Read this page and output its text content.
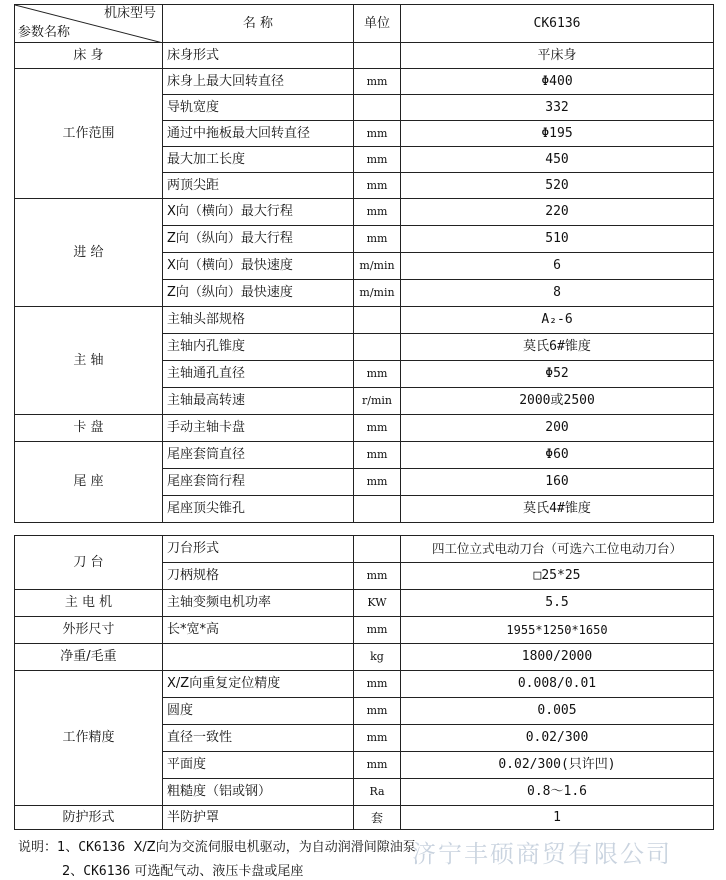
机床型号
参数名称	名 称	单位	CK6136
床 身	床身形式		平床身
工作范围	床身上最大回转直径	mm	Φ400
	导轨宽度		332
	通过中拖板最大回转直径	mm	Φ195
	最大加工长度	mm	450
	两顶尖距	mm	520
进 给	X向（横向）最大行程	mm	220
	Z向（纵向）最大行程	mm	510
	X向（横向）最快速度	m/min	6
	Z向（纵向）最快速度	m/min	8
主 轴	主轴头部规格		A₂-6
	主轴内孔锥度		莫氏6#锥度
	主轴通孔直径	mm	Φ52
	主轴最高转速	r/min	2000或2500
卡 盘	手动主轴卡盘	mm	200
尾 座	尾座套筒直径	mm	Φ60
	尾座套筒行程	mm	160
	尾座顶尖锥孔		莫氏4#锥度
刀 台	刀台形式		四工位立式电动刀台（可选六工位电动刀台）
	刀柄规格	mm	□25*25
主 电 机	主轴变频电机功率	KW	5.5
外形尺寸	长*宽*高	mm	1955*1250*1650
净重/毛重		kg	1800/2000
工作精度	X/Z向重复定位精度	mm	0.008/0.01
	圆度	mm	0.005
	直径一致性	mm	0.02/300
	平面度	mm	0.02/300(只许凹)
	粗糙度（铝或钢）	Ra	0.8～1.6
防护形式	半防护罩	套	1
说明：1、CK6136 X/Z向为交流伺服电机驱动，为自动润滑间隙油泵
2、CK6136 可选配气动、液压卡盘或尾座
济宁丰硕商贸有限公司
